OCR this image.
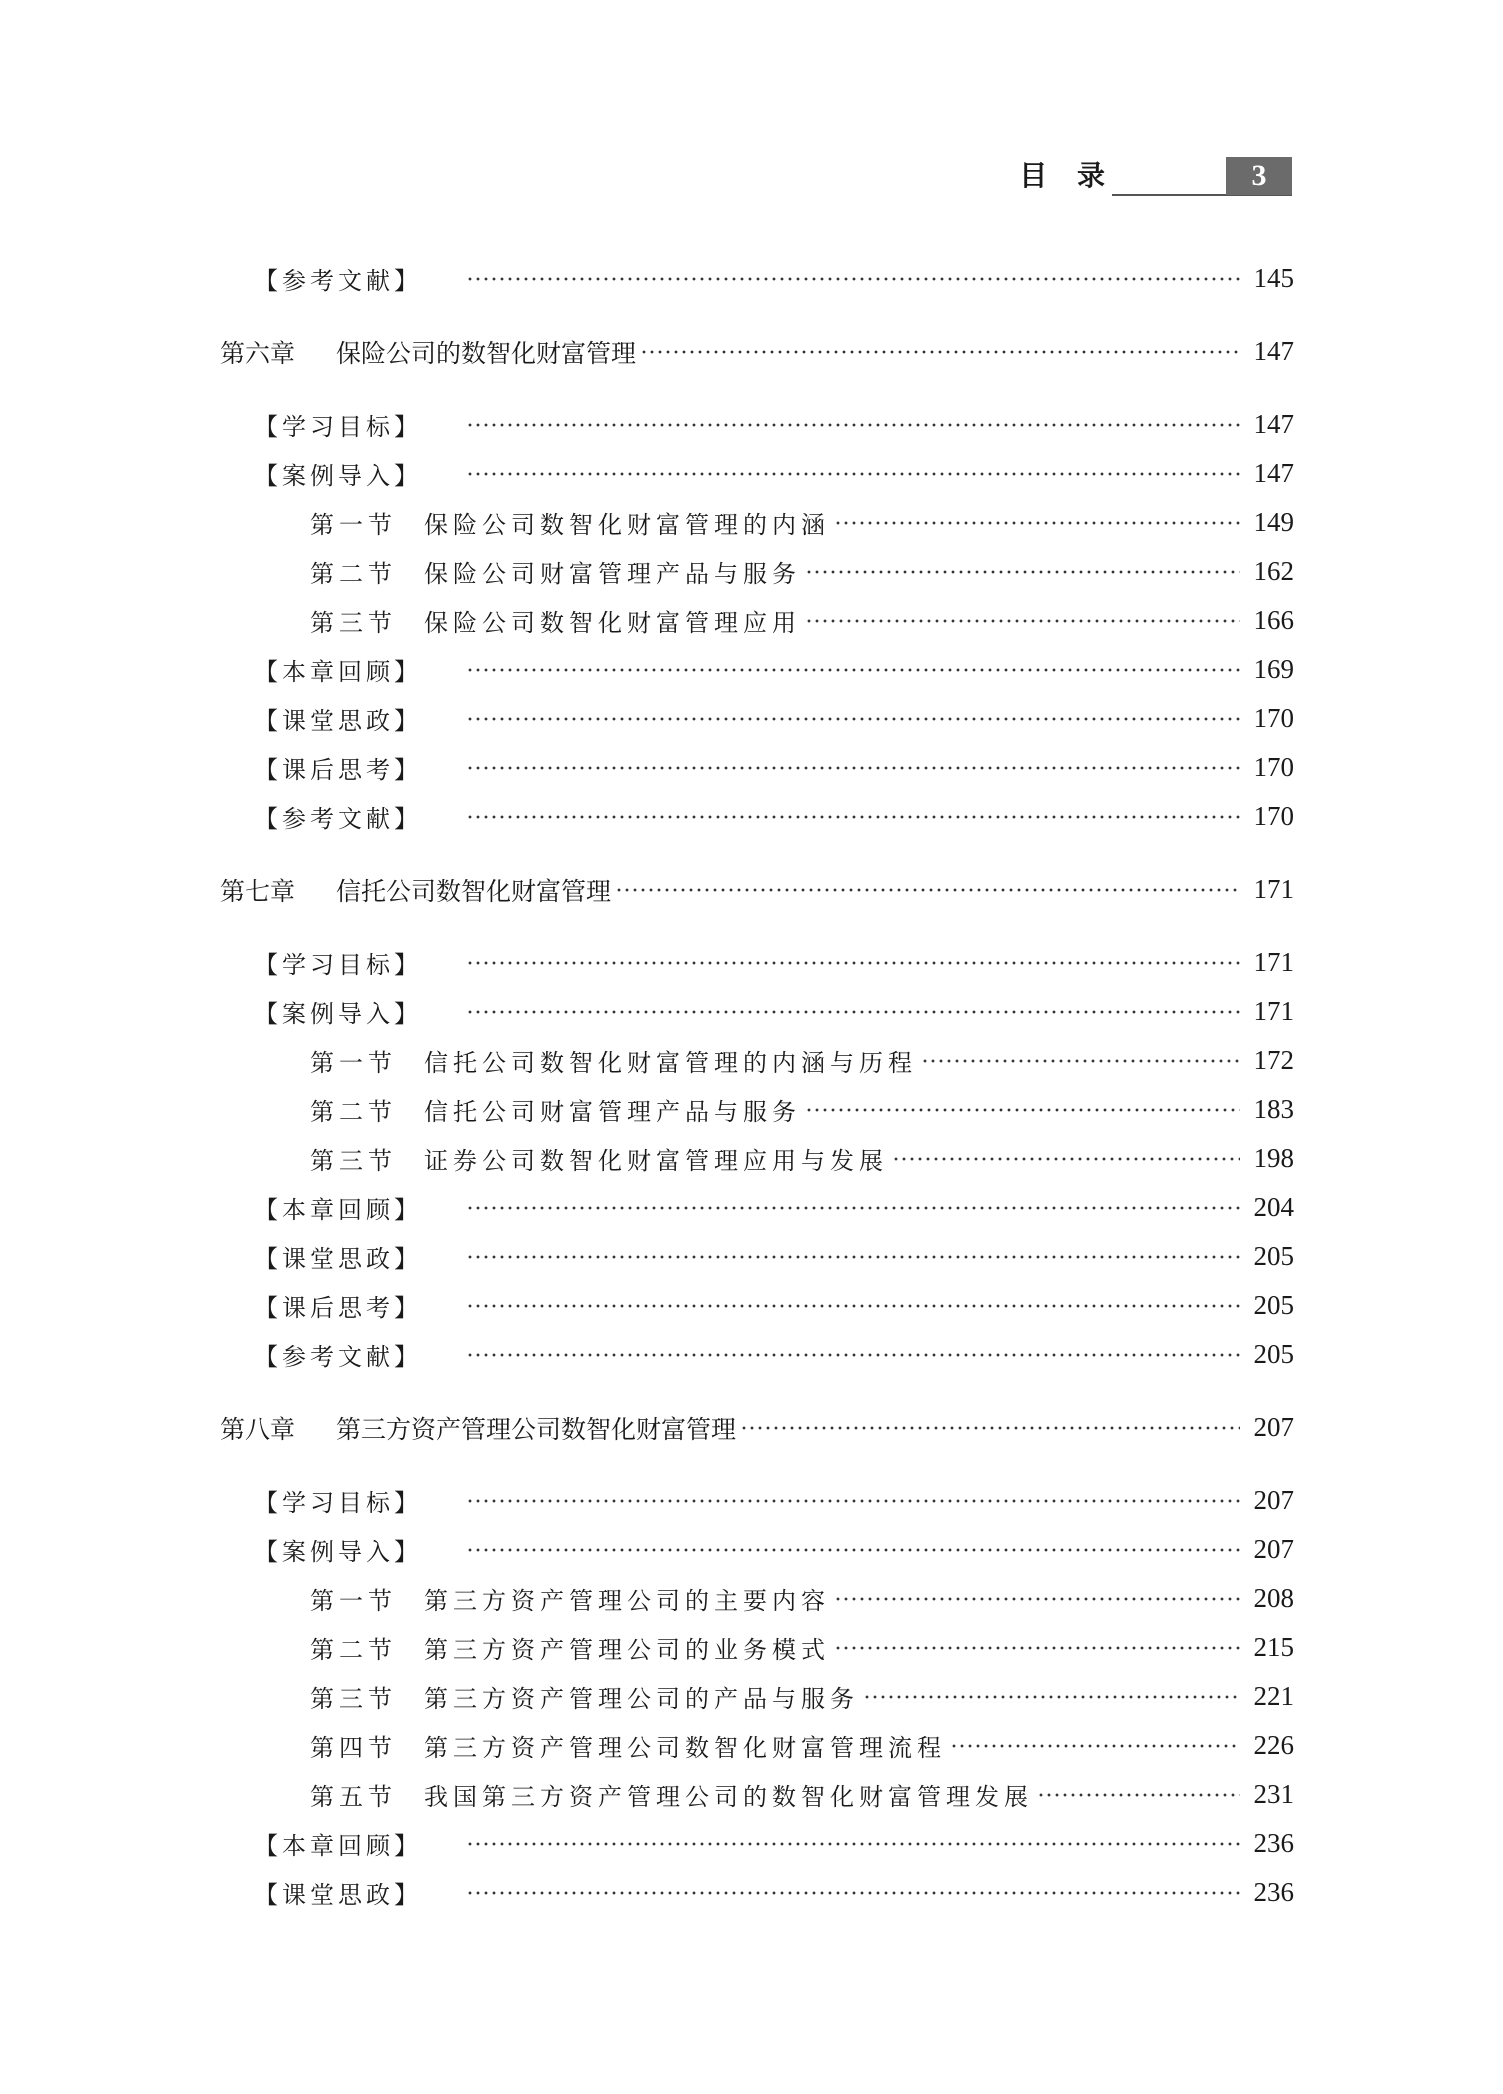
目 录	3
【参考文献】	145
第六章 保险公司的数智化财富管理	147
【学习目标】	147
【案例导入】	147
第一节 保险公司数智化财富管理的内涵	149
第二节 保险公司财富管理产品与服务	162
第三节 保险公司数智化财富管理应用	166
【本章回顾】	169
【课堂思政】	170
【课后思考】	170
【参考文献】	170
第七章 信托公司数智化财富管理	171
【学习目标】	171
【案例导入】	171
第一节 信托公司数智化财富管理的内涵与历程	172
第二节 信托公司财富管理产品与服务	183
第三节 证券公司数智化财富管理应用与发展	198
【本章回顾】	204
【课堂思政】	205
【课后思考】	205
【参考文献】	205
第八章 第三方资产管理公司数智化财富管理	207
【学习目标】	207
【案例导入】	207
第一节 第三方资产管理公司的主要内容	208
第二节 第三方资产管理公司的业务模式	215
第三节 第三方资产管理公司的产品与服务	221
第四节 第三方资产管理公司数智化财富管理流程	226
第五节 我国第三方资产管理公司的数智化财富管理发展	231
【本章回顾】	236
【课堂思政】	236
